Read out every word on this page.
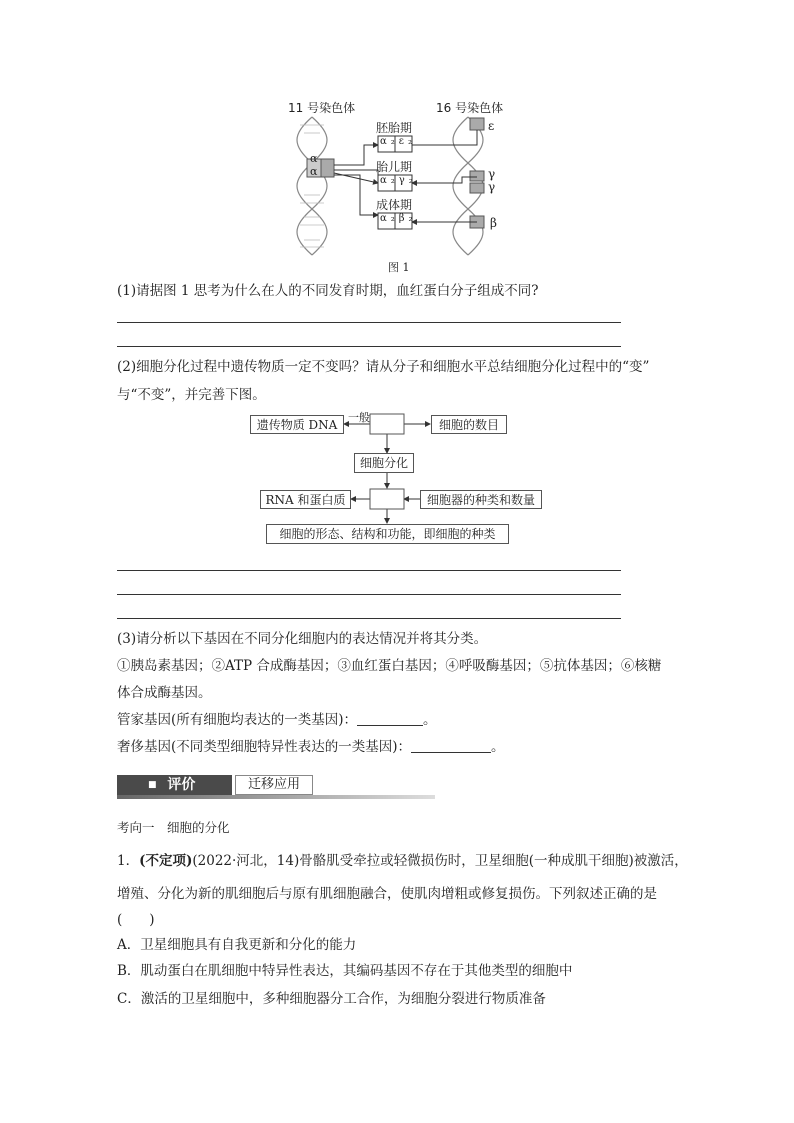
11 号染色体	16 号染色体
α
α
胚胎期
胎儿期
成体期
α₂ε₂
α₂γ₂
α₂β₂
ε
γ
γ
β
图 1
(1)请据图 1 思考为什么在人的不同发育时期，血红蛋白分子组成不同?
(2)细胞分化过程中遗传物质一定不变吗？请从分子和细胞水平总结细胞分化过程中的“变”
与“不变”，并完善下图。
遗传物质 DNA
一般
细胞的数目
细胞分化
RNA 和蛋白质	细胞器的种类和数量
细胞的形态、结构和功能，即细胞的种类
(3)请分析以下基因在不同分化细胞内的表达情况并将其分类。
①胰岛素基因；②ATP 合成酶基因；③血红蛋白基因；④呼吸酶基因；⑤抗体基因；⑥核糖
体合成酶基因。
管家基因(所有细胞均表达的一类基因)：	。
奢侈基因(不同类型细胞特异性表达的一类基因)：	。
■ 评价	迁移应用
考向一　细胞的分化
1．(不定项)(2022·河北，14)骨骼肌受牵拉或轻微损伤时，卫星细胞(一种成肌干细胞)被激活，
增殖、分化为新的肌细胞后与原有肌细胞融合，使肌肉增粗或修复损伤。下列叙述正确的是
(　　)
A．卫星细胞具有自我更新和分化的能力
B．肌动蛋白在肌细胞中特异性表达，其编码基因不存在于其他类型的细胞中
C．激活的卫星细胞中，多种细胞器分工合作，为细胞分裂进行物质准备
